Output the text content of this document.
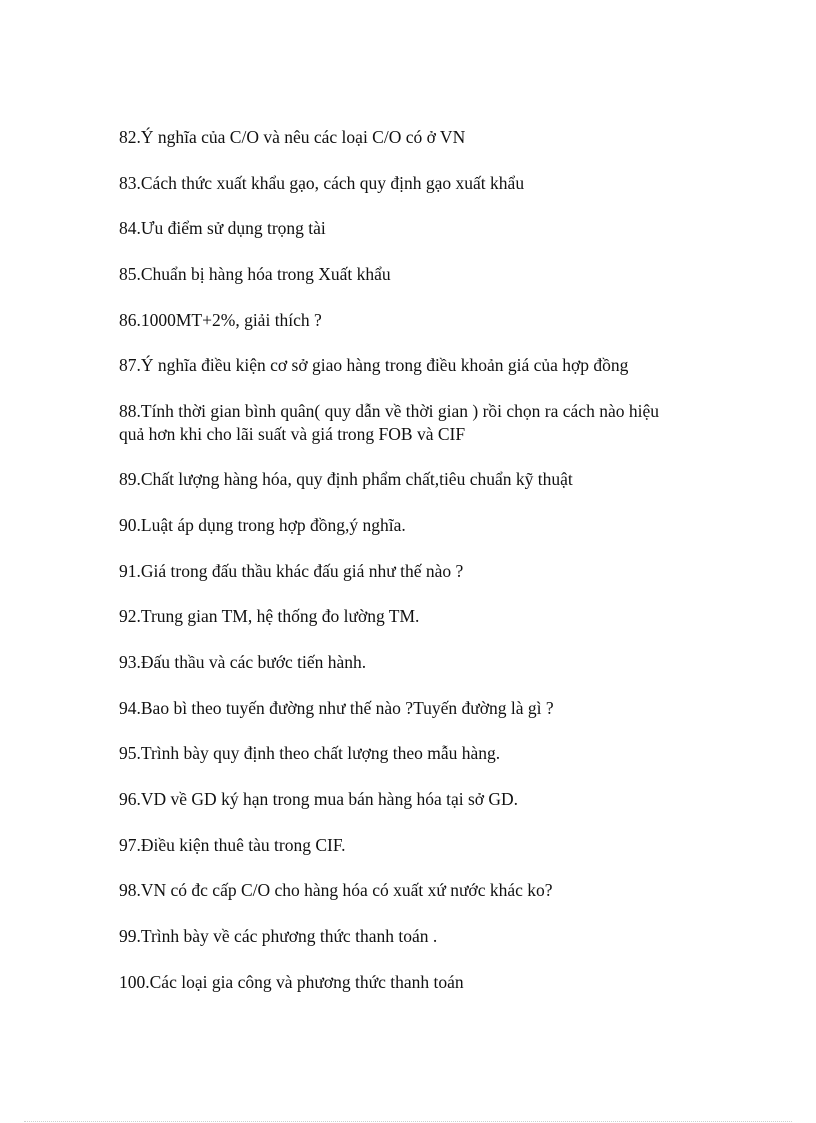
82.Ý nghĩa của C/O và nêu các loại C/O có ở VN

83.Cách thức xuất khẩu gạo, cách quy định gạo xuất khẩu

84.Ưu điểm sử dụng trọng tài

85.Chuẩn bị hàng hóa trong Xuất khẩu

86.1000MT+2%, giải thích ?

87.Ý nghĩa điều kiện cơ sở giao hàng trong điều khoản giá của hợp đồng

88.Tính thời gian bình quân( quy dẫn về thời gian ) rồi chọn ra cách nào hiệu quả hơn khi cho lãi suất và giá trong FOB và CIF

89.Chất lượng hàng hóa, quy định phẩm chất,tiêu chuẩn kỹ thuật

90.Luật áp dụng trong hợp đồng,ý nghĩa.

91.Giá trong đấu thầu khác đấu giá như thế nào ?

92.Trung gian TM, hệ thống đo lường TM.

93.Đấu thầu và các bước tiến hành.

94.Bao bì theo tuyến đường như thế nào ?Tuyến đường là gì ?

95.Trình bày quy định theo chất lượng theo mẫu hàng.

96.VD về GD ký hạn trong mua bán hàng hóa tại sở GD.

97.Điều kiện thuê tàu trong CIF.

98.VN có đc cấp C/O cho hàng hóa có xuất xứ nước khác ko?

99.Trình bày về các phương thức thanh toán .

100.Các loại gia công và phương thức thanh toán
